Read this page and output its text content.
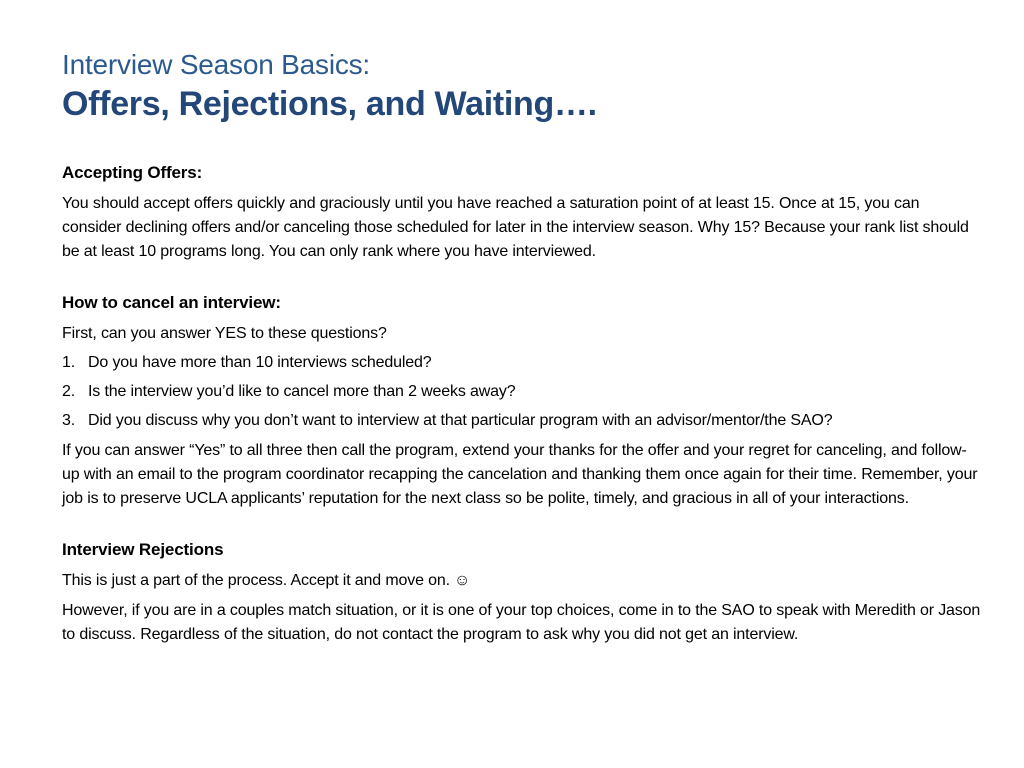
Interview Season Basics:
Offers, Rejections, and Waiting….
Accepting Offers:
You should accept offers quickly and graciously until you have reached a saturation point of at least 15. Once at 15, you can consider declining offers and/or canceling those scheduled for later in the interview season. Why 15? Because your rank list should be at least 10 programs long. You can only rank where you have interviewed.
How to cancel an interview:
First, can you answer YES to these questions?
1. Do you have more than 10 interviews scheduled?
2. Is the interview you’d like to cancel more than 2 weeks away?
3. Did you discuss why you don’t want to interview at that particular program with an advisor/mentor/the SAO?
If you can answer “Yes” to all three then call the program, extend your thanks for the offer and your regret for canceling, and follow-up with an email to the program coordinator recapping the cancelation and thanking them once again for their time. Remember, your job is to preserve UCLA applicants’ reputation for the next class so be polite, timely, and gracious in all of your interactions.
Interview Rejections
This is just a part of the process. Accept it and move on. ☺
However, if you are in a couples match situation, or it is one of your top choices, come in to the SAO to speak with Meredith or Jason to discuss. Regardless of the situation, do not contact the program to ask why you did not get an interview.
